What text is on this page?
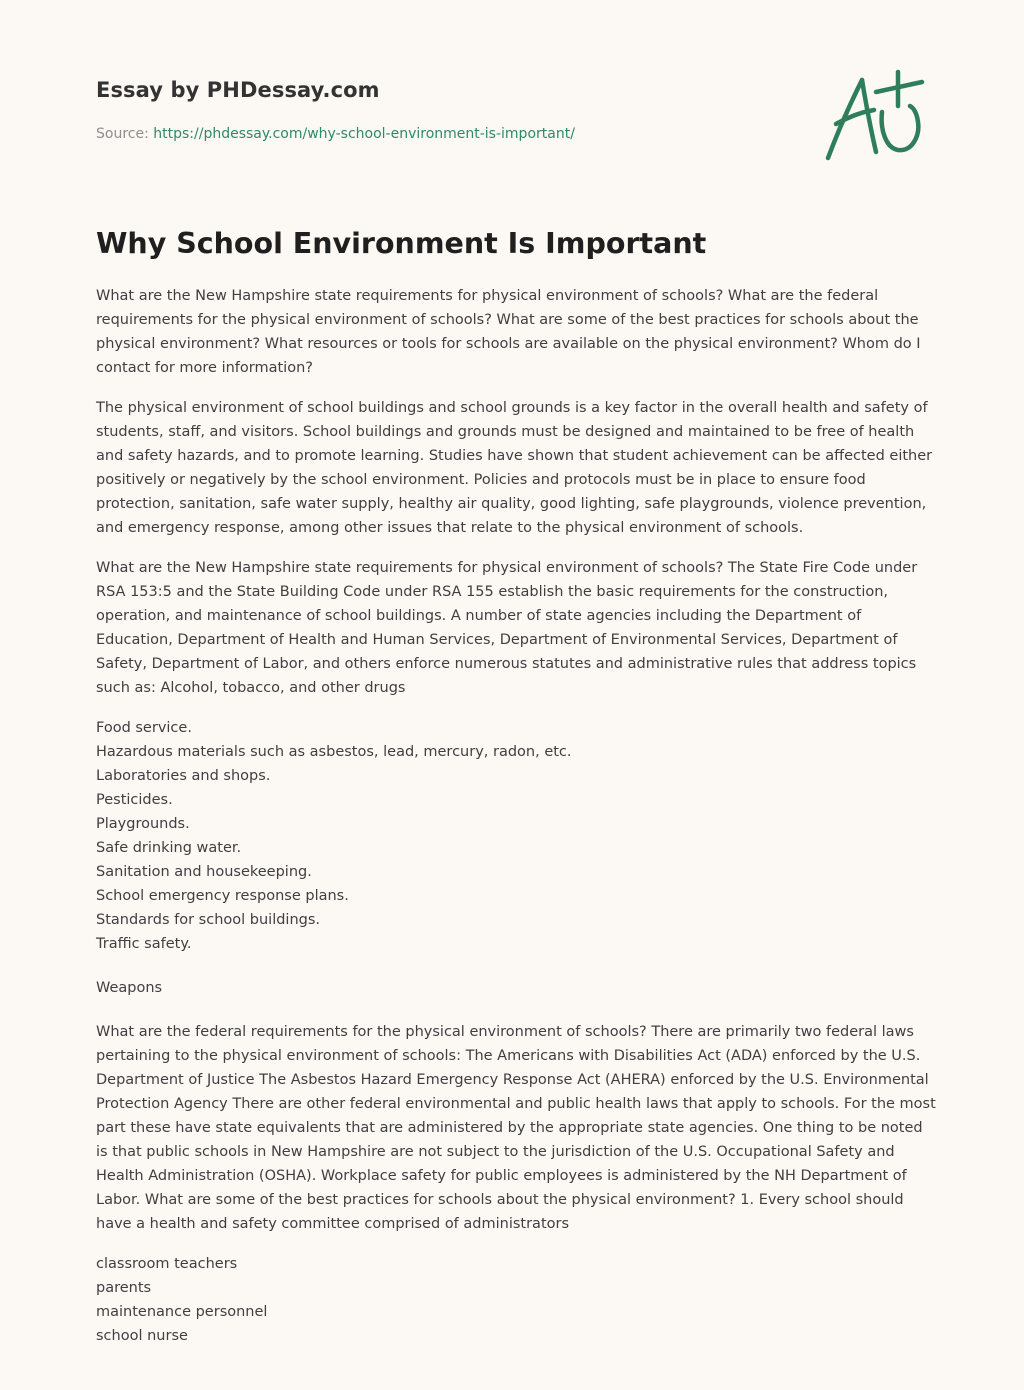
Essay by PHDessay.com
Source: https://phdessay.com/why-school-environment-is-important/
Why School Environment Is Important

What are the New Hampshire state requirements for physical environment of schools? What are the federal requirements for the physical environment of schools? What are some of the best practices for schools about the physical environment? What resources or tools for schools are available on the physical environment? Whom do I contact for more information?

The physical environment of school buildings and school grounds is a key factor in the overall health and safety of students, staff, and visitors. School buildings and grounds must be designed and maintained to be free of health and safety hazards, and to promote learning. Studies have shown that student achievement can be affected either positively or negatively by the school environment. Policies and protocols must be in place to ensure food protection, sanitation, safe water supply, healthy air quality, good lighting, safe playgrounds, violence prevention, and emergency response, among other issues that relate to the physical environment of schools.

What are the New Hampshire state requirements for physical environment of schools? The State Fire Code under RSA 153:5 and the State Building Code under RSA 155 establish the basic requirements for the construction, operation, and maintenance of school buildings. A number of state agencies including the Department of Education, Department of Health and Human Services, Department of Environmental Services, Department of Safety, Department of Labor, and others enforce numerous statutes and administrative rules that address topics such as: Alcohol, tobacco, and other drugs

Food service.
Hazardous materials such as asbestos, lead, mercury, radon, etc.
Laboratories and shops.
Pesticides.
Playgrounds.
Safe drinking water.
Sanitation and housekeeping.
School emergency response plans.
Standards for school buildings.
Traffic safety.

Weapons

What are the federal requirements for the physical environment of schools? There are primarily two federal laws pertaining to the physical environment of schools: The Americans with Disabilities Act (ADA) enforced by the U.S. Department of Justice The Asbestos Hazard Emergency Response Act (AHERA) enforced by the U.S. Environmental Protection Agency There are other federal environmental and public health laws that apply to schools. For the most part these have state equivalents that are administered by the appropriate state agencies. One thing to be noted is that public schools in New Hampshire are not subject to the jurisdiction of the U.S. Occupational Safety and Health Administration (OSHA). Workplace safety for public employees is administered by the NH Department of Labor. What are some of the best practices for schools about the physical environment? 1. Every school should have a health and safety committee comprised of administrators

classroom teachers
parents
maintenance personnel
school nurse
